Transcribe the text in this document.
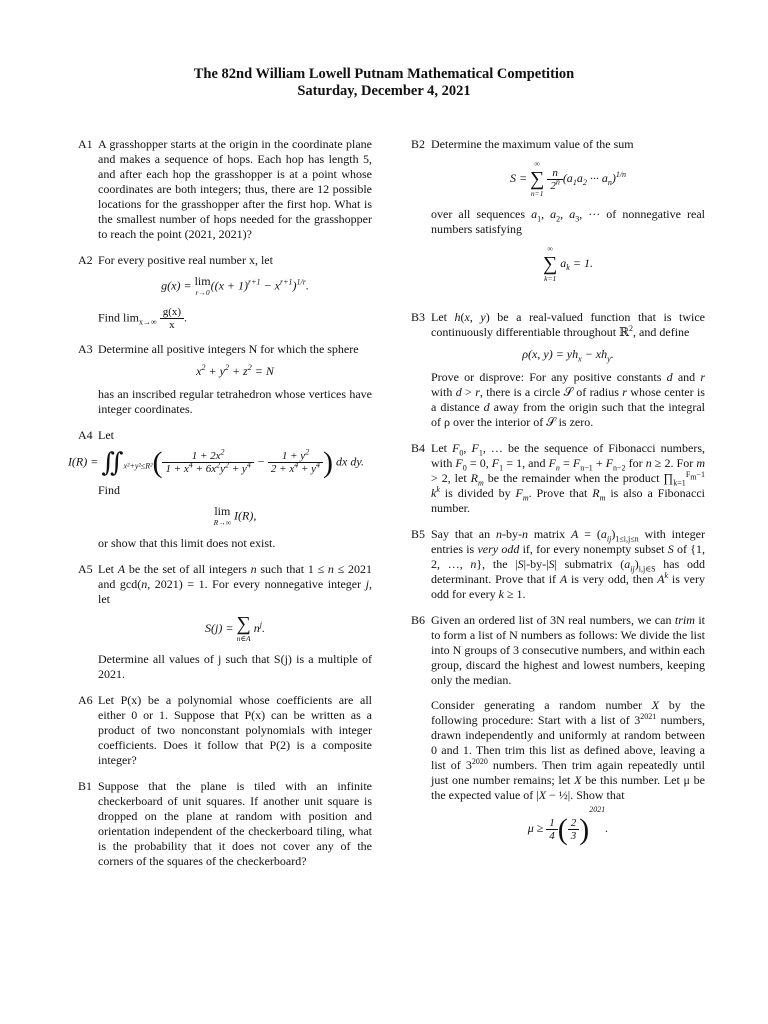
The 82nd William Lowell Putnam Mathematical Competition
Saturday, December 4, 2021
A1 A grasshopper starts at the origin in the coordinate plane and makes a sequence of hops. Each hop has length 5, and after each hop the grasshopper is at a point whose coordinates are both integers; thus, there are 12 possible locations for the grasshopper after the first hop. What is the smallest number of hops needed for the grasshopper to reach the point (2021, 2021)?

A2 For every positive real number x, let

g(x) = lim
r→0
$((x + 1)^{r+1} - x^{r+1})^{1/r}$.

Find $\lim_{x\to\infty} \frac{g(x)}{x}$ .

A3 Determine all positive integers N for which the sphere

$x^2 + y^2 + z^2 = N$

has an inscribed regular tetrahedron whose vertices have integer coordinates.

A4 Let

$I(R) = ∬_{x^2+y^2\le R^2}( \frac{1 + 2x^2}{1 + x^4 + 6x^2y^2 + y^4} - \frac{1 + y^2}{2 + x^4 + y^4}$ ) dx dy.

Find

lim
R→∞
I(R),

or show that this limit does not exist.

A5 Let A be the set of all integers n such that 1 ≤ n ≤ 2021 and gcd(n, 2021) = 1. For every nonnegative integer j, let

S(j) = ∑
n∈A
$n^j$.

Determine all values of j such that S(j) is a multiple of 2021.

A6 Let P(x) be a polynomial whose coefficients are all either 0 or 1. Suppose that P(x) can be written as a product of two nonconstant polynomials with integer coefficients. Does it follow that P(2) is a composite integer?

B1 Suppose that the plane is tiled with an infinite checkerboard of unit squares. If another unit square is dropped on the plane at random with position and orientation independent of the checkerboard tiling, what is the probability that it does not cover any of the corners of the squares of the checkerboard?

B2 Determine the maximum value of the sum

S =
∞
∑
n=1

$\frac{n}{2^n} (a_1a_2$ ··· $a_n)^{1/n}$

over all sequences $a_1$, $a_2$, $a_3$, ··· of nonnegative real numbers satisfying

∞
∑
k=1
$a_k = 1$.
B3 Let h(x, y) be a real-valued function that is twice continuously differentiable throughout ℝ$^2$, and define

ρ(x, $y) = yh_x - xh_y$.

Prove or disprove: For any positive constants d and r with d > r, there is a circle 𝒮 of radius r whose center is a distance d away from the origin such that the integral of ρ over the interior of 𝒮 is zero.

B4 Let $F_0$, $F_1$, … be the sequence of Fibonacci numbers, with $F_0 = 0$, $F_1 = 1$, and $F_n = F_{n-1} + F_{n-2}$ for n ≥ 2. For m > 2, let $R_m$ be the remainder when the product $\prod_{k=1}^{F_m-1}$ $k^k$ is divided by $F_m$. Prove that $R_m$ is also a Fibonacci number.

B5 Say that an n-by-n matrix $A = (a_{ij})_{1\le i,j\le n}$ with integer entries is very odd if, for every nonempty subset S of {1, 2, …, n}, the |S|-by-|S| submatrix $(a_{ij})_{i,j\in S}$ has odd determinant. Prove that if A is very odd, then $A^k$ is very odd for every k ≥ 1.

B6 Given an ordered list of 3N real numbers, we can trim it to form a list of N numbers as follows: We divide the list into N groups of 3 consecutive numbers, and within each group, discard the highest and lowest numbers, keeping only the median.

Consider generating a random number X by the following procedure: Start with a list of $3^{2021}$ numbers, drawn independently and uniformly at random between 0 and 1. Then trim this list as defined above, leaving a list of $3^{2020}$ numbers. Then trim again repeatedly until just one number remains; let X be this number. Let μ be the expected value of |X − ½|. Show that

$\mu \ge \frac{1}{4}$ ( $\frac{2}{3} )^{2021}$.
